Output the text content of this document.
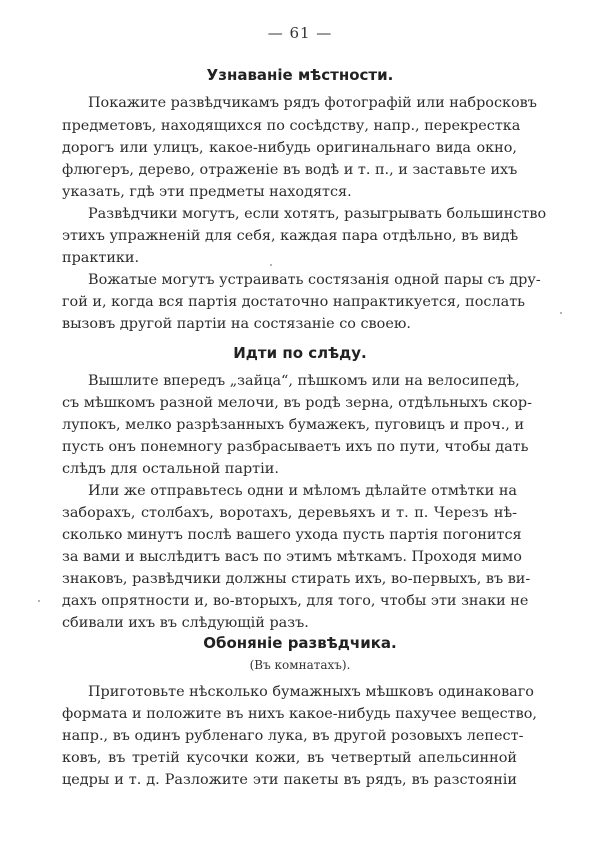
— 61 —
Узнаванiе мѣстности.
Покажите развѣдчикамъ рядъ фотографiй или набросковъ
предметовъ, находящихся по сосѣдству, напр., перекрестка
дорогъ или улицъ, какое-нибудь оригинальнаго вида окно,
флюгеръ, дерево, отраженiе въ водѣ и т. п., и заставьте ихъ
указать, гдѣ эти предметы находятся.
Развѣдчики могутъ, если хотятъ, разыгрывать большинство
этихъ упражненiй для себя, каждая пара отдѣльно, въ видѣ
практики.
Вожатые могутъ устраивать состязанiя одной пары съ дру-
гой и, когда вся партiя достаточно напрактикуется, послать
вызовъ другой партiи на состязанiе со своею.
Идти по слѣду.
Вышлите впередъ „зайца“, пѣшкомъ или на велосипедѣ,
съ мѣшкомъ разной мелочи, въ родѣ зерна, отдѣльныхъ скор-
лупокъ, мелко разрѣзанныхъ бумажекъ, пуговицъ и проч., и
пусть онъ понемногу разбрасываетъ ихъ по пути, чтобы дать
слѣдъ для остальной партiи.
Или же отправьтесь одни и мѣломъ дѣлайте отмѣтки на
заборахъ, столбахъ, воротахъ, деревьяхъ и т. п. Черезъ нѣ-
сколько минутъ послѣ вашего ухода пусть партiя погонится
за вами и выслѣдитъ васъ по этимъ мѣткамъ. Проходя мимо
знаковъ, развѣдчики должны стирать ихъ, во-первыхъ, въ ви-
дахъ опрятности и, во-вторыхъ, для того, чтобы эти знаки не
сбивали ихъ въ слѣдующiй разъ.
Обонянiе развѣдчика.
(Въ комнатахъ).
Приготовьте нѣсколько бумажныхъ мѣшковъ одинаковаго
формата и положите въ нихъ какое-нибудь пахучее вещество,
напр., въ одинъ рубленаго лука, въ другой розовыхъ лепест-
ковъ, въ третiй кусочки кожи, въ четвертый апельсинной
цедры и т. д. Разложите эти пакеты въ рядъ, въ разстоянiи
